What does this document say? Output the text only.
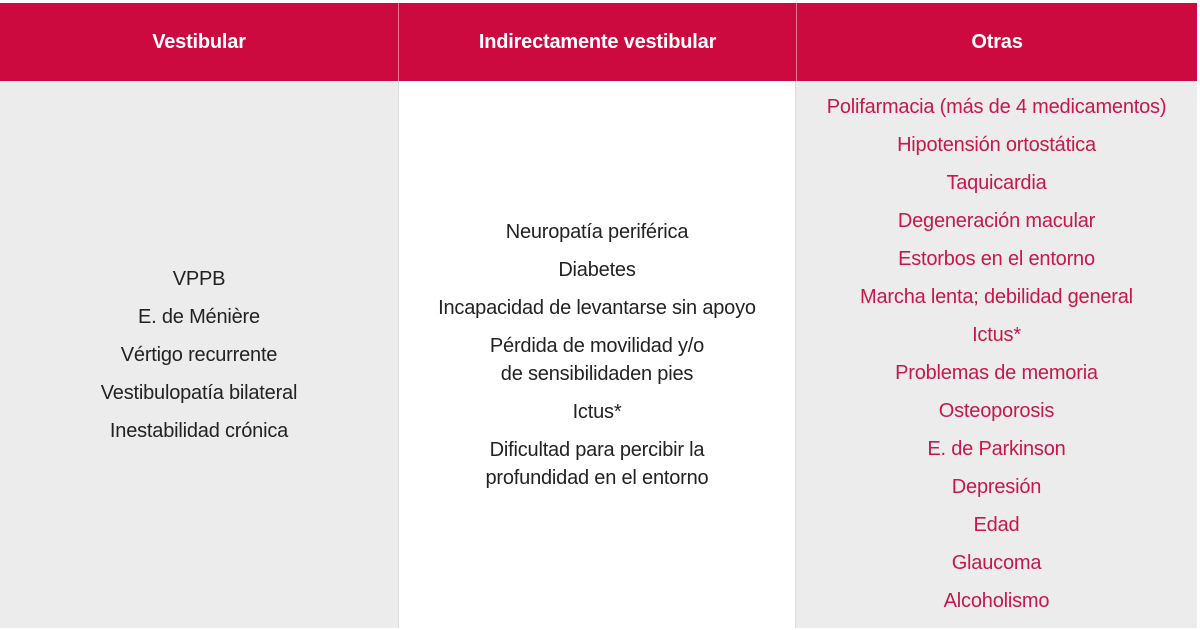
Vestibular	Indirectamente vestibular	Otras
VPPB
E. de Ménière
Vértigo recurrente
Vestibulopatía bilateral
Inestabilidad crónica
Neuropatía periférica
Diabetes
Incapacidad de levantarse sin apoyo
Pérdida de movilidad y/o
de sensibilidaden pies
Ictus*
Dificultad para percibir la
profundidad en el entorno
Polifarmacia (más de 4 medicamentos)
Hipotensión ortostática
Taquicardia
Degeneración macular
Estorbos en el entorno
Marcha lenta; debilidad general
Ictus*
Problemas de memoria
Osteoporosis
E. de Parkinson
Depresión
Edad
Glaucoma
Alcoholismo
